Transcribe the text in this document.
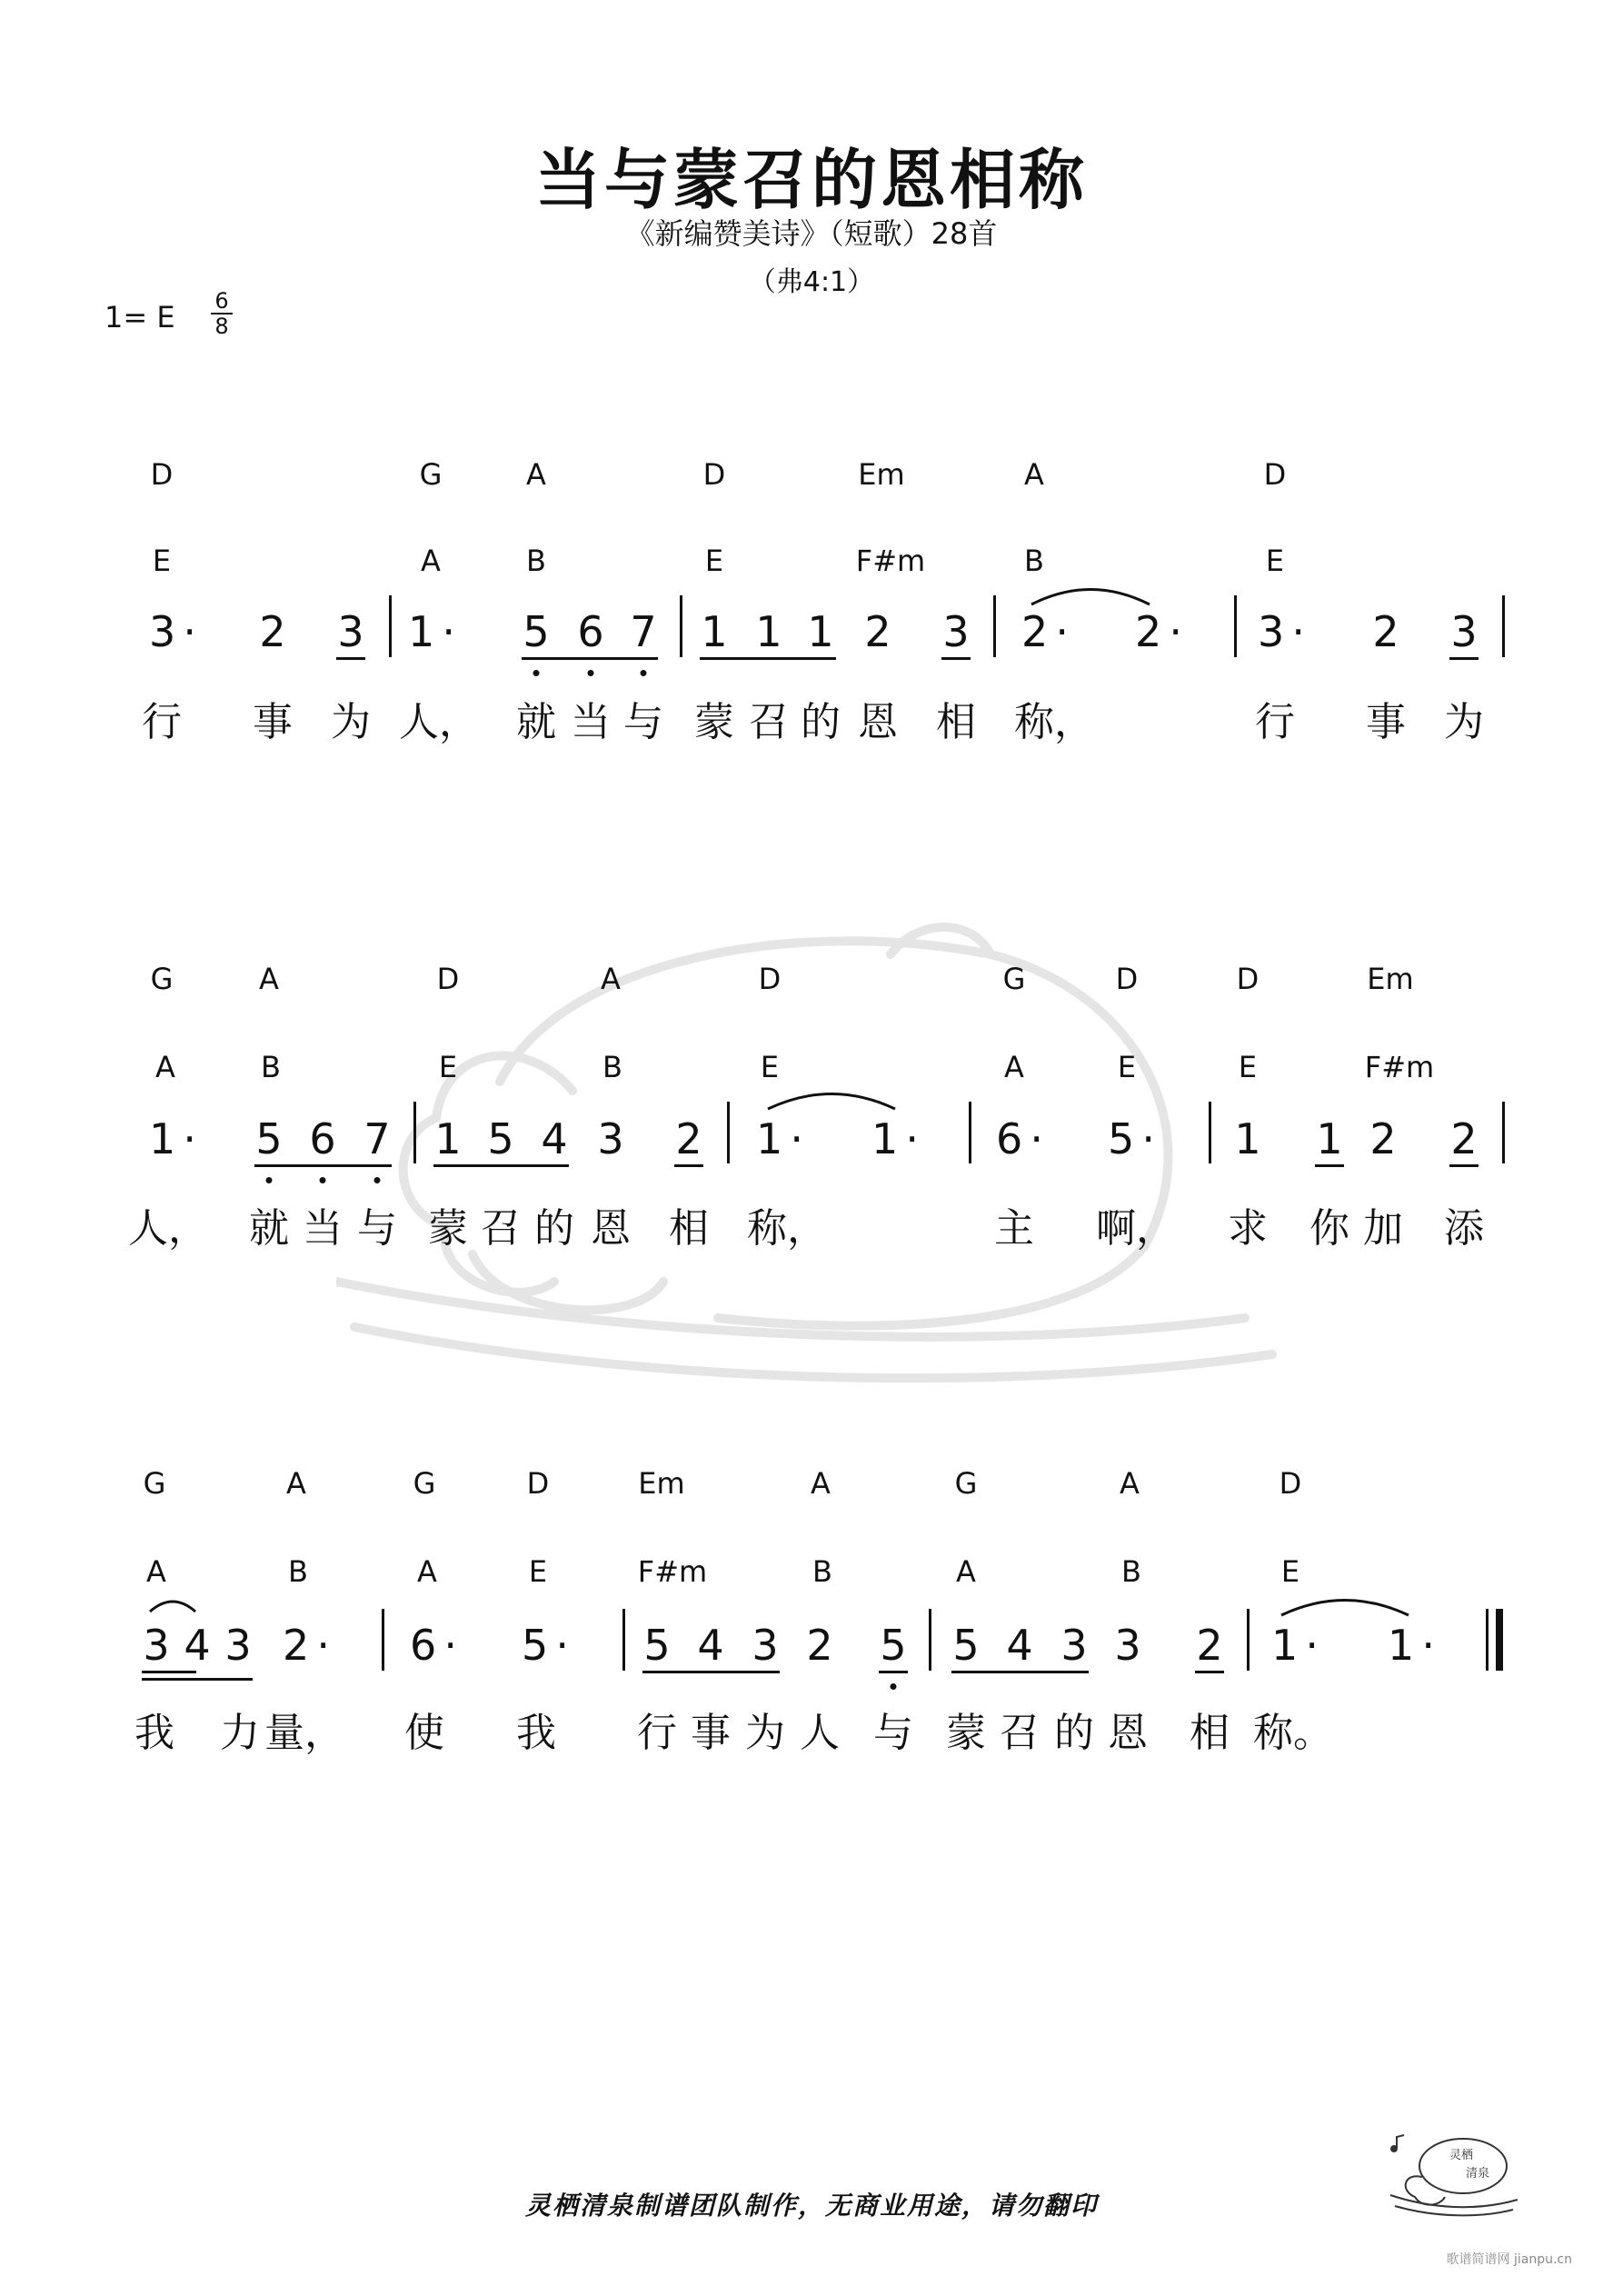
当与蒙召的恩相称
《新编赞美诗》（短歌）28首
（弗4:1）
1= E 6
8
D	G	A	D	Em	A	D
E	A	B	E	F#m	B	E
3 ·	2 3 1 ·	5 6 7 1 1 1 2 3 2 ·	2 ·	3 ·	2 3
行 事 为 人， 就 当 与 蒙 召 的 恩 相 称，	行 事 为
G	A	D	A	D	G	D	D	Em
A	B	E	B	E	A	E	E	F#m
1 ·	5 6 7 1 5 4 3 2 1 ·	1 ·	6 ·	5 ·	1 1 2 2
人， 就 当 与 蒙 召 的 恩 相 称，	主 啊， 求 你 加 添
G	A	G	D	Em	A	G	A	D
A	B	A	E	F#m	B	A	B	E
3 4 3 2 ·	6 ·	5 ·	5 4 3 2 5 5 4 3 3 2 1 ·	1 ·
我 力 量， 使 我 行 事 为 人 与 蒙 召 的 恩 相 称。
灵栖清泉制谱团队制作，无商业用途，请勿翻印
灵栖
清泉
歌谱简谱网 jianpu.cn
